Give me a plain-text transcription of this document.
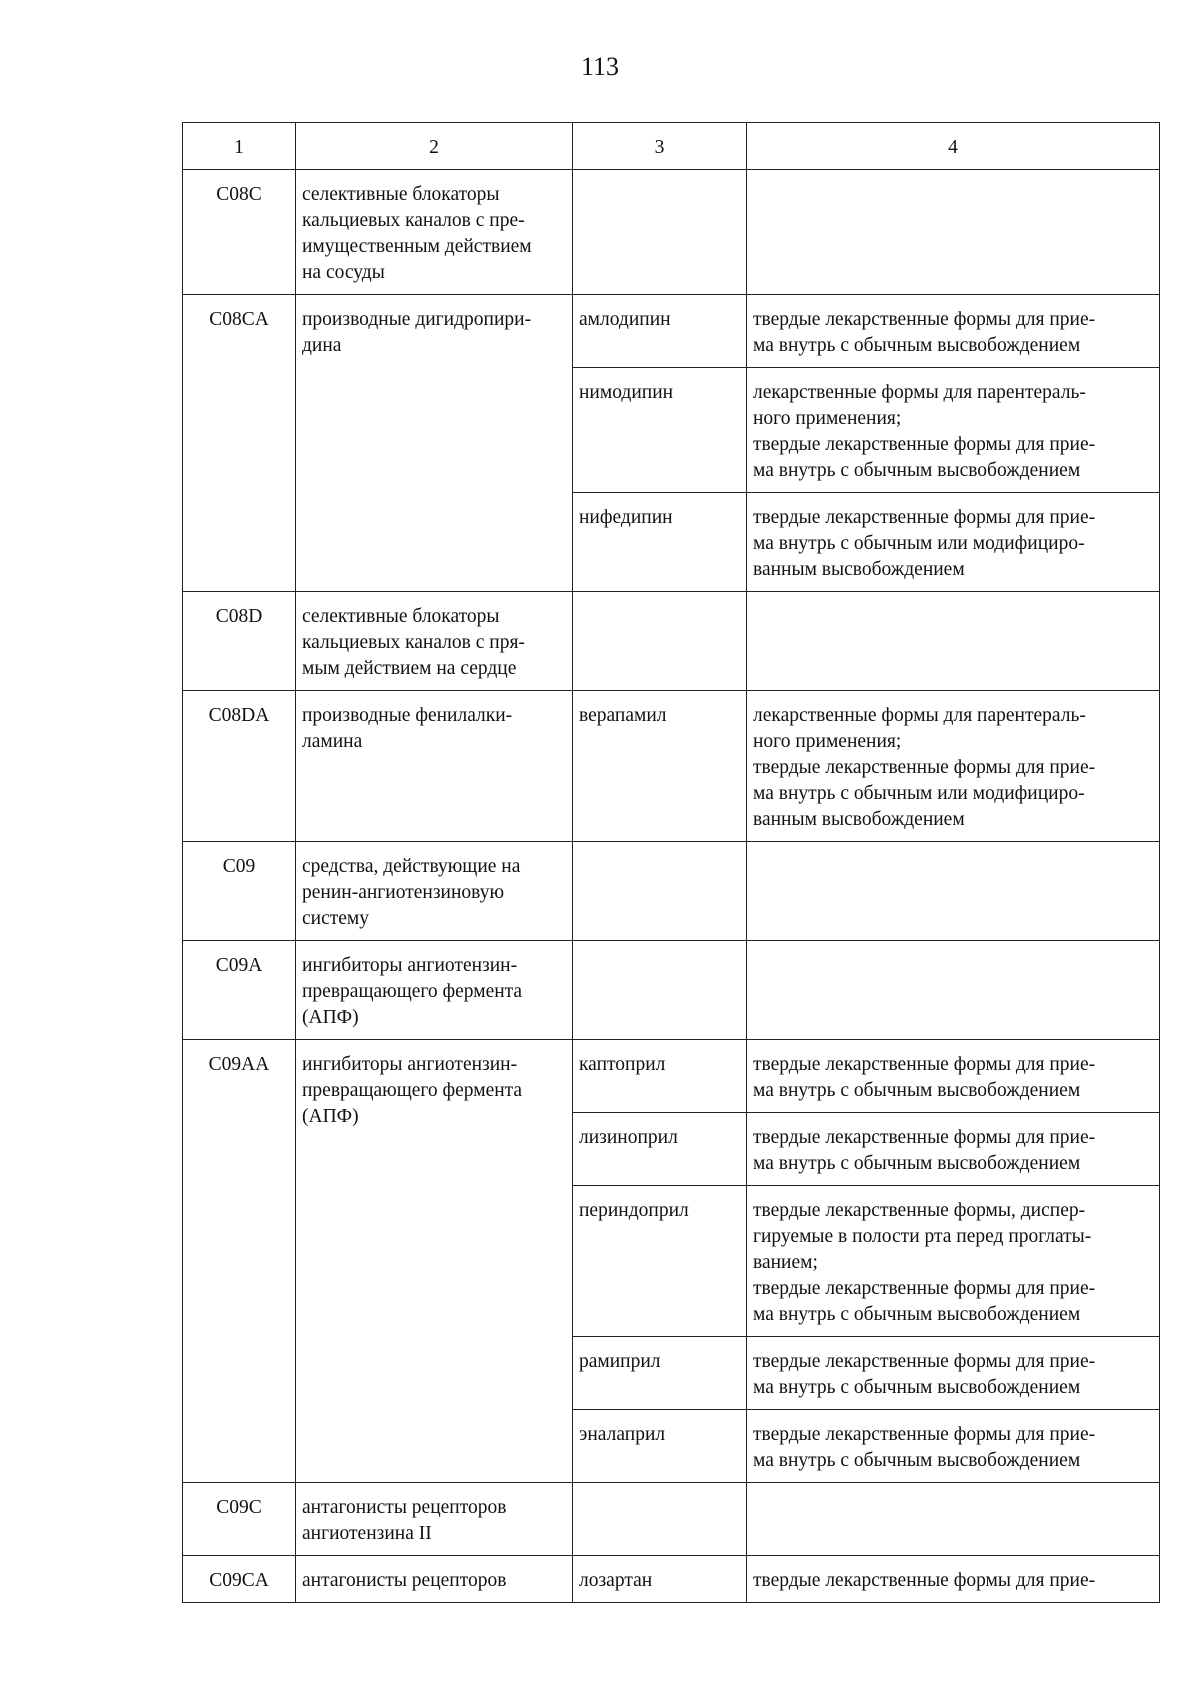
113
1	2	3	4
C08C	селективные блокаторы
кальциевых каналов с пре-
имущественным действием
на сосуды		

C08CA	производные дигидропири-
дина	амлодипин	твердые лекарственные формы для прие-
ма внутрь с обычным высвобождением

		нимодипин	лекарственные формы для парентераль-
ного применения;
твердые лекарственные формы для прие-
ма внутрь с обычным высвобождением

		нифедипин	твердые лекарственные формы для прие-
ма внутрь с обычным или модифициро-
ванным высвобождением

C08D	селективные блокаторы
кальциевых каналов с пря-
мым действием на сердце		

C08DA	производные фенилалки-
ламина	верапамил	лекарственные формы для парентераль-
ного применения;
твердые лекарственные формы для прие-
ма внутрь с обычным или модифициро-
ванным высвобождением

C09	средства, действующие на
ренин-ангиотензиновую
систему		

C09A	ингибиторы ангиотензин-
превращающего фермента
(АПФ)		

C09AA	ингибиторы ангиотензин-
превращающего фермента
(АПФ)	каптоприл	твердые лекарственные формы для прие-
ма внутрь с обычным высвобождением

		лизиноприл	твердые лекарственные формы для прие-
ма внутрь с обычным высвобождением

		периндоприл	твердые лекарственные формы, диспер-
гируемые в полости рта перед проглаты-
ванием;
твердые лекарственные формы для прие-
ма внутрь с обычным высвобождением

		рамиприл	твердые лекарственные формы для прие-
ма внутрь с обычным высвобождением

		эналаприл	твердые лекарственные формы для прие-
ма внутрь с обычным высвобождением

C09C	антагонисты рецепторов
ангиотензина II		

C09CA	антагонисты рецепторов	лозартан	твердые лекарственные формы для прие-
